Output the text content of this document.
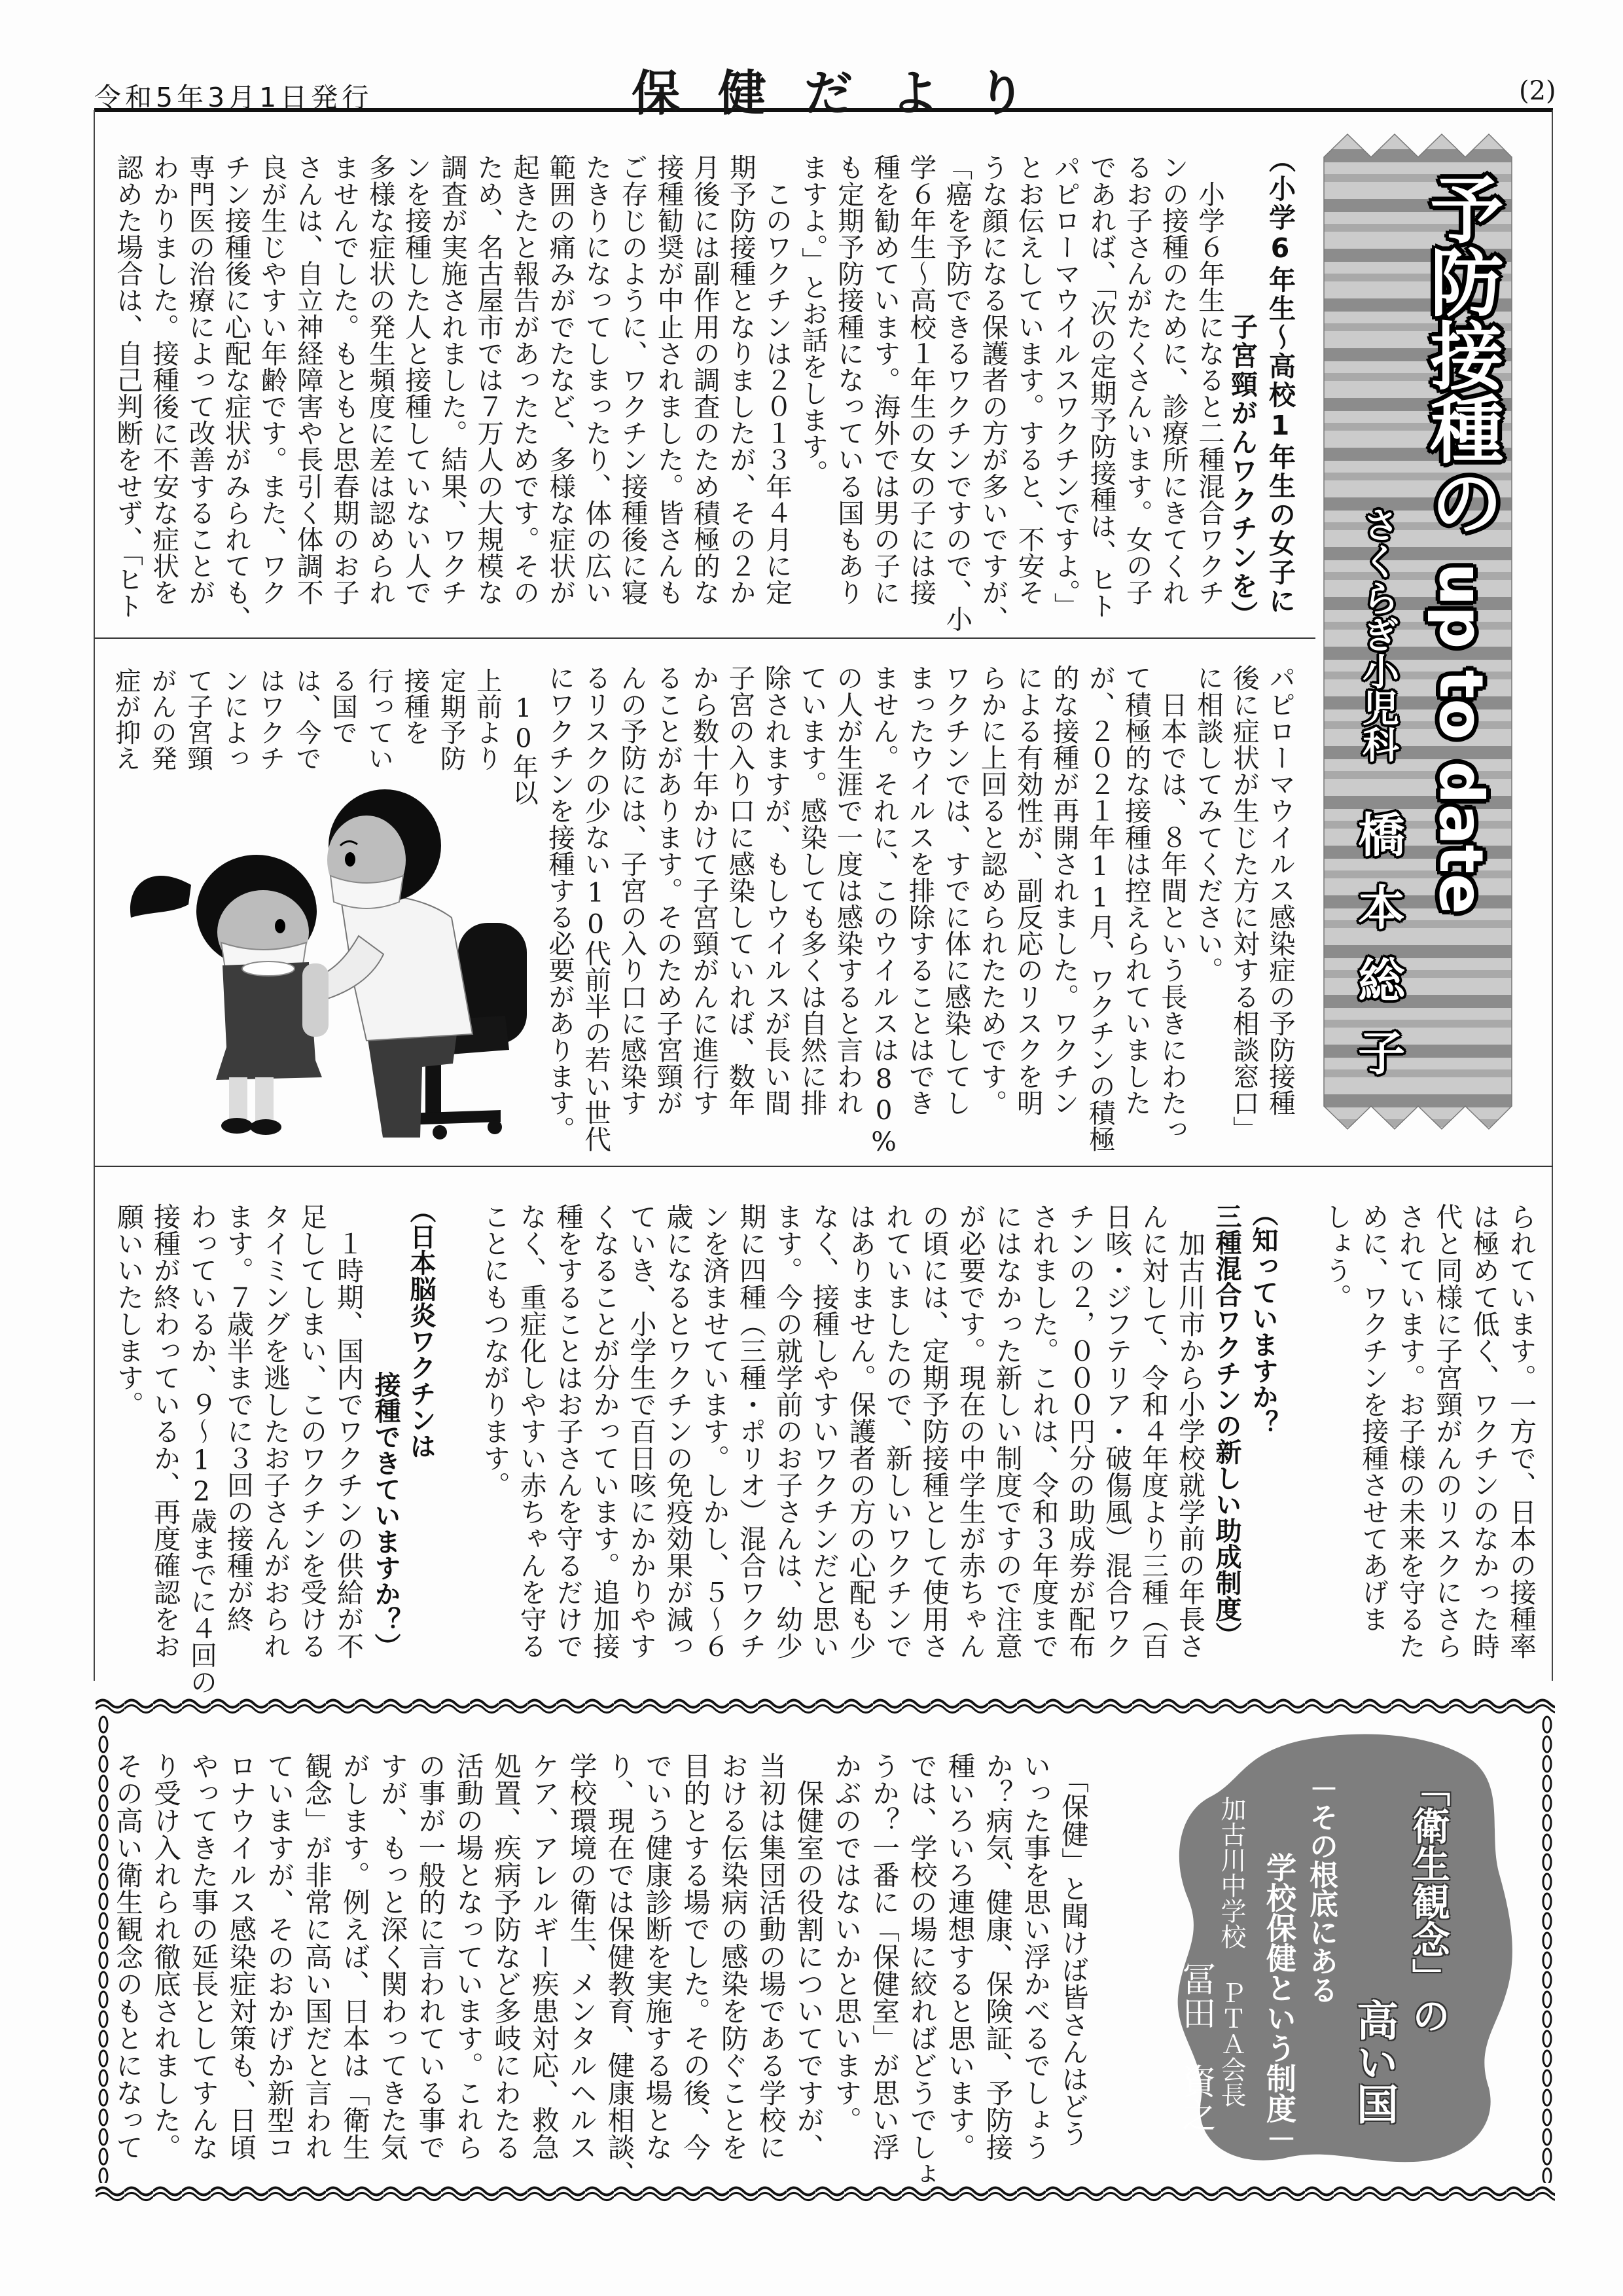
令和5年3月1日発行	保健だより	(2)
予防接種のup to date
さくらぎ小児科
橋本総子
（小学6年生～高校1年生の女子に
子宮頸がんワクチンを）
　小学６年生になると二種混合ワクチ
ンの接種のために、診療所にきてくれ
るお子さんがたくさんいます。女の子
であれば、「次の定期予防接種は、ヒト
パピローマウイルスワクチンですよ。」
とお伝えしています。すると、不安そ
うな顔になる保護者の方が多いですが、
「癌を予防できるワクチンですので、小
学６年生～高校１年生の女の子には接
種を勧めています。海外では男の子に
も定期予防接種になっている国もあり
ますよ。」とお話をします。
　このワクチンは２０１３年４月に定
期予防接種となりましたが、その２か
月後には副作用の調査のため積極的な
接種勧奨が中止されました。皆さんも
ご存じのように、ワクチン接種後に寝
たきりになってしまったり、体の広い
範囲の痛みがでたなど、多様な症状が
起きたと報告があったためです。その
ため、名古屋市では７万人の大規模な
調査が実施されました。結果、ワクチ
ンを接種した人と接種していない人で
多様な症状の発生頻度に差は認められ
ませんでした。もともと思春期のお子
さんは、自立神経障害や長引く体調不
良が生じやすい年齢です。また、ワク
チン接種後に心配な症状がみられても、
専門医の治療によって改善することが
わかりました。接種後に不安な症状を
認めた場合は、自己判断をせず、「ヒト
パピローマウイルス感染症の予防接種
後に症状が生じた方に対する相談窓口」
に相談してみてください。
　日本では、８年間という長きにわたっ
て積極的な接種は控えられていました
が、２０２１年11月、ワクチンの積極
的な接種が再開されました。ワクチン
による有効性が、副反応のリスクを明
らかに上回ると認められたためです。
ワクチンでは、すでに体に感染してし
まったウイルスを排除することはでき
ません。それに、このウイルスは80%
の人が生涯で一度は感染すると言われ
ています。感染しても多くは自然に排
除されますが、もしウイルスが長い間
子宮の入り口に感染していれば、数年
から数十年かけて子宮頸がんに進行す
ることがあります。そのため子宮頸が
んの予防には、子宮の入り口に感染す
るリスクの少ない10代前半の若い世代
にワクチンを接種する必要があります。
　10年以
上前より
定期予防
接種を
行ってい
る国で
は、今で
はワクチ
ンによっ
て子宮頸
がんの発
症が抑え
られています。一方で、日本の接種率
は極めて低く、ワクチンのなかった時
代と同様に子宮頸がんのリスクにさら
されています。お子様の未来を守るた
めに、ワクチンを接種させてあげま
しょう。
（知っていますか？
三種混合ワクチンの新しい助成制度）
　加古川市から小学校就学前の年長さ
んに対して、令和４年度より三種（百
日咳・ジフテリア・破傷風）混合ワク
チンの２，０００円分の助成券が配布
されました。これは、令和３年度まで
にはなかった新しい制度ですので注意
が必要です。現在の中学生が赤ちゃん
の頃には、定期予防接種として使用さ
れていましたので、新しいワクチンで
はありません。保護者の方の心配も少
なく、接種しやすいワクチンだと思い
ます。今の就学前のお子さんは、幼少
期に四種（三種・ポリオ）混合ワクチ
ンを済ませています。しかし、５～６
歳になるとワクチンの免疫効果が減っ
ていき、小学生で百日咳にかかりやす
くなることが分かっています。追加接
種をすることはお子さんを守るだけで
なく、重症化しやすい赤ちゃんを守る
ことにもつながります。
（日本脳炎ワクチンは
接種できていますか？）
　１時期、国内でワクチンの供給が不
足してしまい、このワクチンを受ける
タイミングを逃したお子さんがおられ
ます。７歳半までに３回の接種が終
わっているか、９～12歳までに４回の
接種が終わっているか、再度確認をお
願いいたします。
「衛生観念」の
高い国
－その根底にある
学校保健という制度－
加古川中学校
ＰＴＡ会長
冨田　資之
　「保健」と聞けば皆さんはどう
いった事を思い浮かべるでしょう
か？病気、健康、保険証、予防接
種いろいろ連想すると思います。
では、学校の場に絞ればどうでしょ
うか？一番に「保健室」が思い浮
かぶのではないかと思います。
　保健室の役割についてですが、
当初は集団活動の場である学校に
おける伝染病の感染を防ぐことを
目的とする場でした。その後、今
でいう健康診断を実施する場とな
り、現在では保健教育、健康相談、
学校環境の衛生、メンタルヘルス
ケア、アレルギー疾患対応、救急
処置、疾病予防など多岐にわたる
活動の場となっています。これら
の事が一般的に言われている事で
すが、もっと深く関わってきた気
がします。例えば、日本は「衛生
観念」が非常に高い国だと言われ
ていますが、そのおかげか新型コ
ロナウイルス感染症対策も、日頃
やってきた事の延長としてすんな
り受け入れられ徹底されました。
その高い衛生観念のもとになって
